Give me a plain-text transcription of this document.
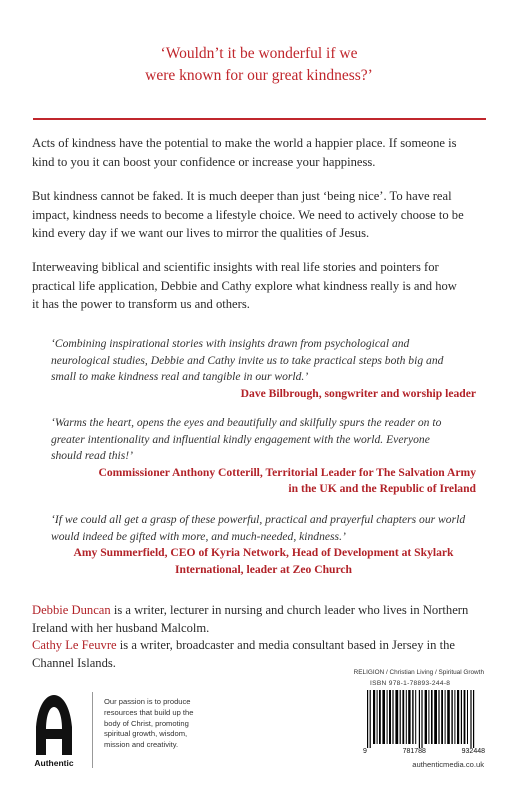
‘Wouldn’t it be wonderful if we
were known for our great kindness?’
Acts of kindness have the potential to make the world a happier place. If someone is
kind to you it can boost your confidence or increase your happiness.
But kindness cannot be faked. It is much deeper than just ‘being nice’. To have real
impact, kindness needs to become a lifestyle choice. We need to actively choose to be
kind every day if we want our lives to mirror the qualities of Jesus.
Interweaving biblical and scientific insights with real life stories and pointers for
practical life application, Debbie and Cathy explore what kindness really is and how
it has the power to transform us and others.
‘Combining inspirational stories with insights drawn from psychological and
neurological studies, Debbie and Cathy invite us to take practical steps both big and
small to make kindness real and tangible in our world.’
Dave Bilbrough, songwriter and worship leader
‘Warms the heart, opens the eyes and beautifully and skilfully spurs the reader on to
greater intentionality and influential kindly engagement with the world. Everyone
should read this!’
Commissioner Anthony Cotterill, Territorial Leader for The Salvation Army
in the UK and the Republic of Ireland
‘If we could all get a grasp of these powerful, practical and prayerful chapters our world
would indeed be gifted with more, and much-needed, kindness.’
Amy Summerfield, CEO of Kyria Network, Head of Development at Skylark
International, leader at Zeo Church
Debbie Duncan is a writer, lecturer in nursing and church leader who lives in Northern
Ireland with her husband Malcolm.
Cathy Le Feuvre is a writer, broadcaster and media consultant based in Jersey in the
Channel Islands.
Authentic
Our passion is to produce
resources that build up the
body of Christ, promoting
spiritual growth, wisdom,
mission and creativity.
RELIGION / Christian Living / Spiritual Growth
ISBN 978-1-78893-244-8
9	781788	932448
authenticmedia.co.uk
